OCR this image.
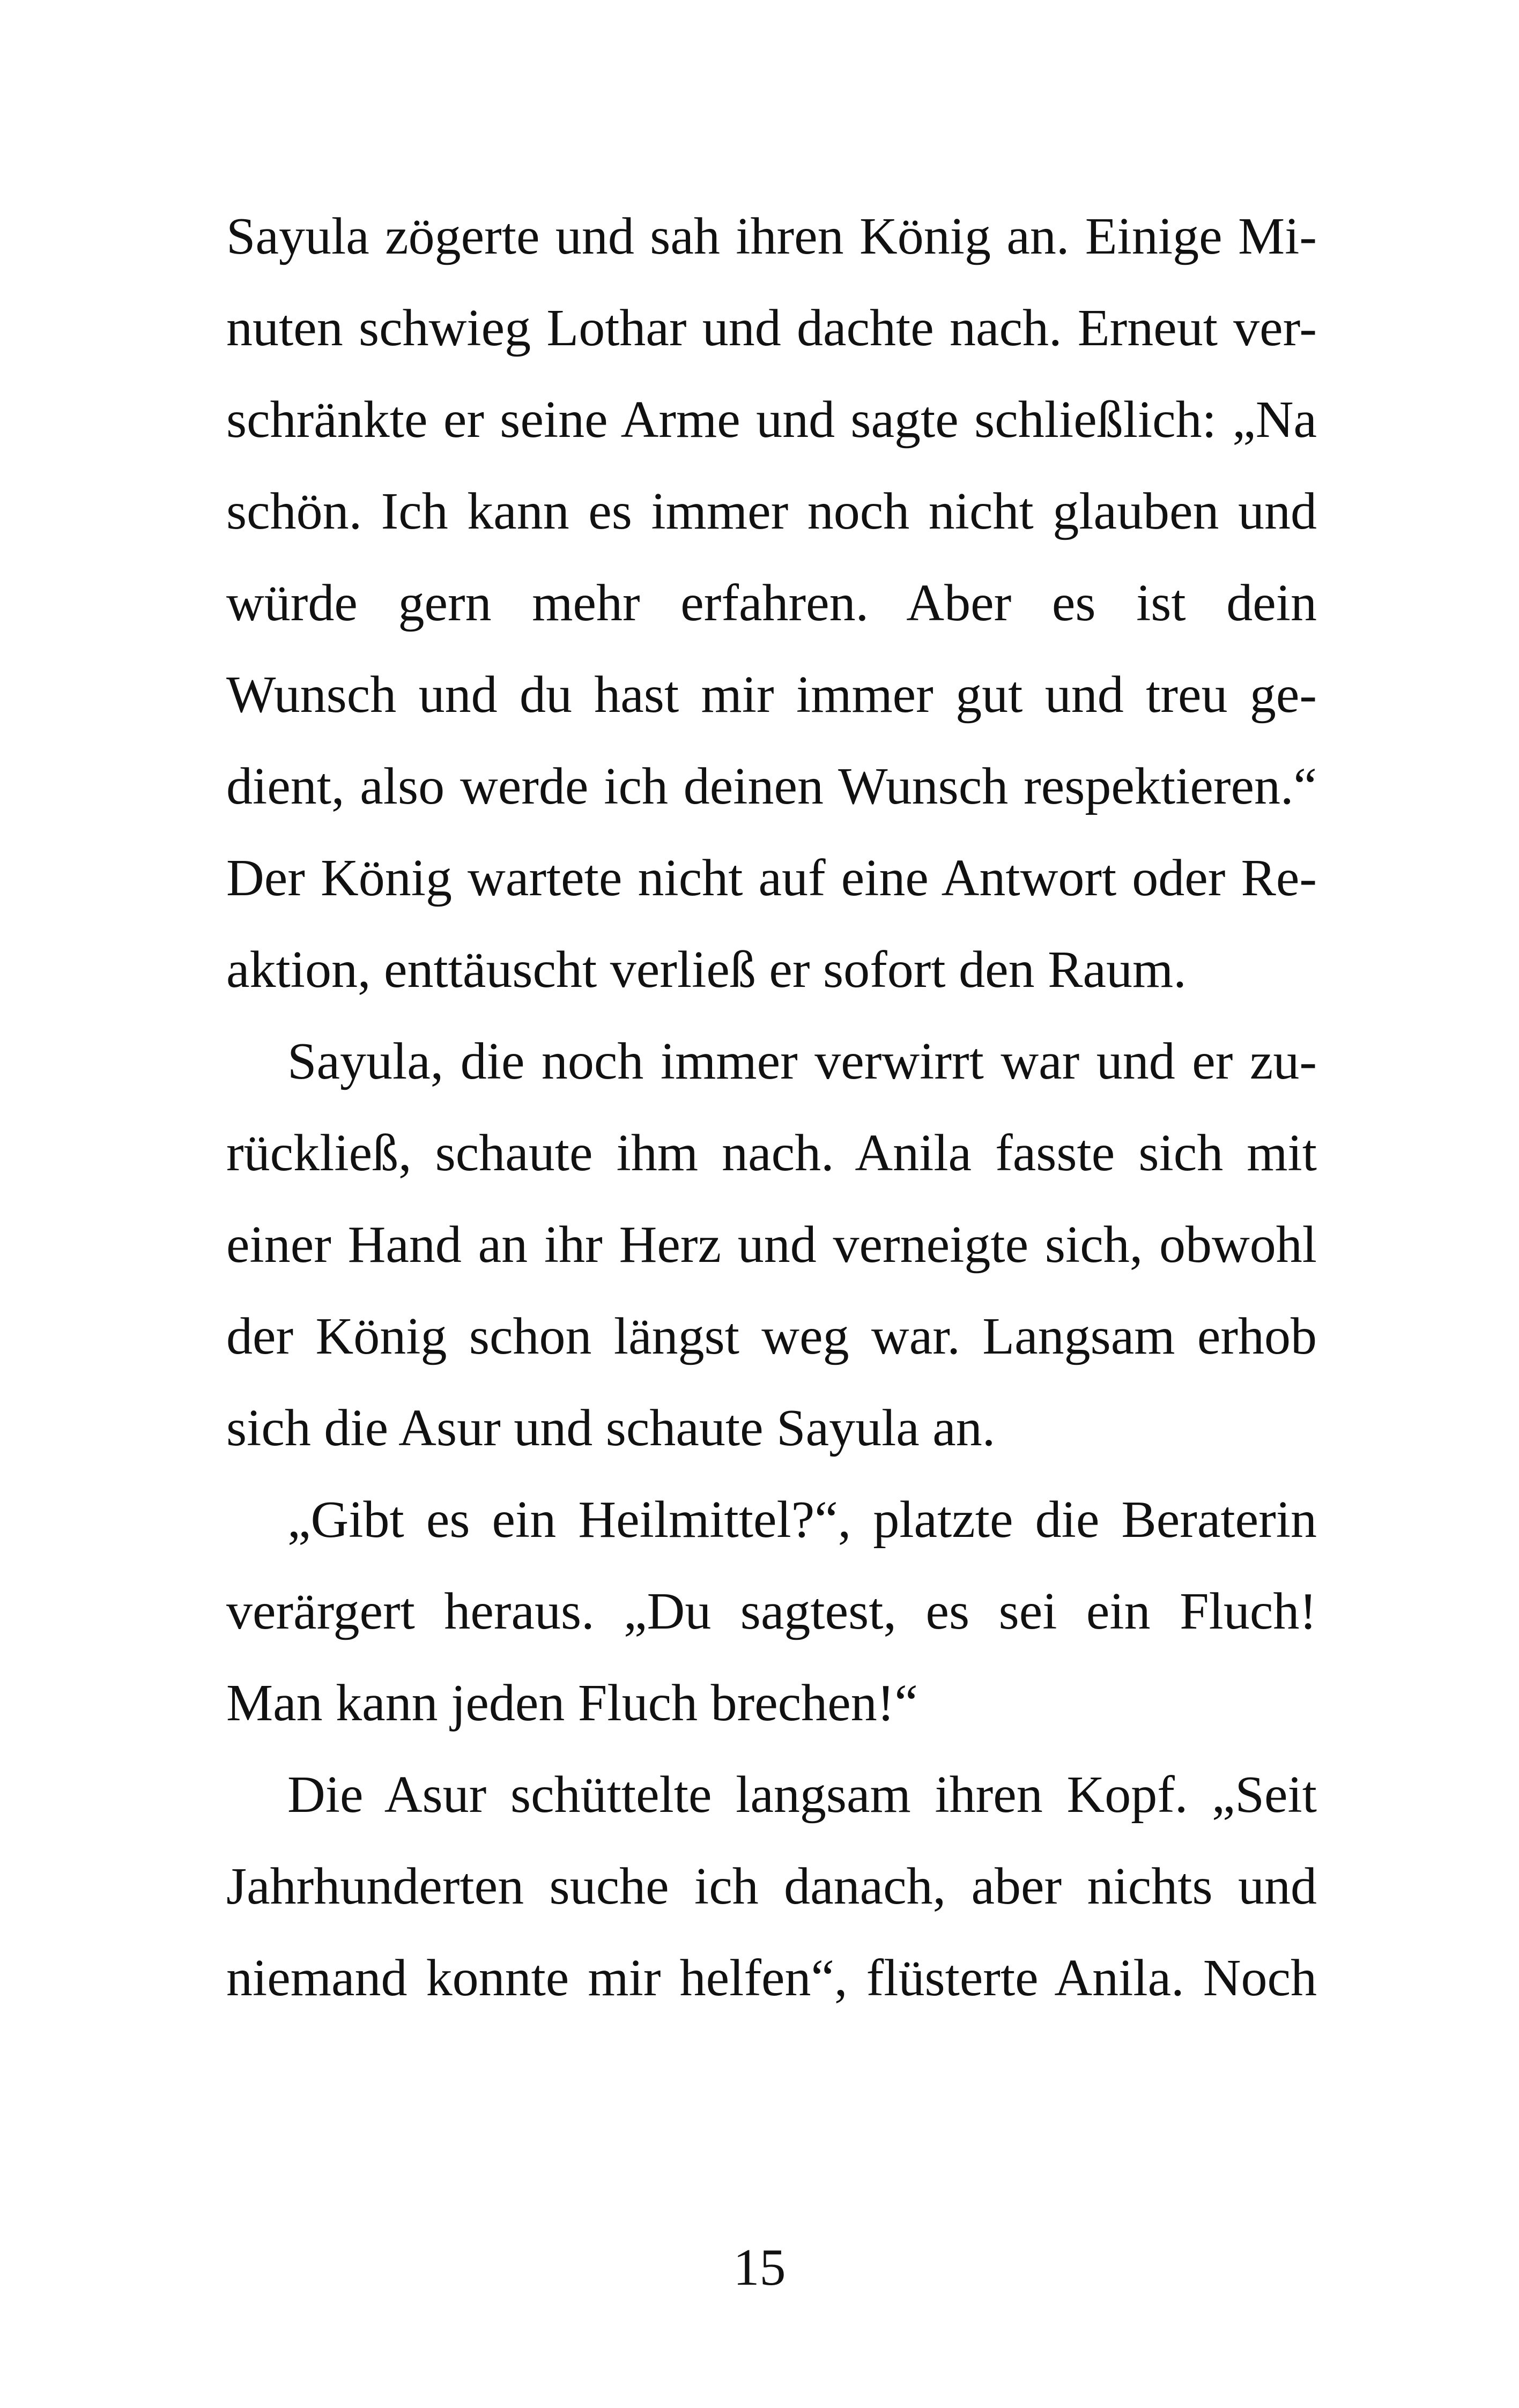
Sayula zögerte und sah ihren König an. Einige Mi-
nuten schwieg Lothar und dachte nach. Erneut ver-
schränkte er seine Arme und sagte schließlich: „Na
schön. Ich kann es immer noch nicht glauben und
würde gern mehr erfahren. Aber es ist dein
Wunsch und du hast mir immer gut und treu ge-
dient, also werde ich deinen Wunsch respektieren.“
Der König wartete nicht auf eine Antwort oder Re-
aktion, enttäuscht verließ er sofort den Raum.
Sayula, die noch immer verwirrt war und er zu-
rückließ, schaute ihm nach. Anila fasste sich mit
einer Hand an ihr Herz und verneigte sich, obwohl
der König schon längst weg war. Langsam erhob
sich die Asur und schaute Sayula an.
„Gibt es ein Heilmittel?“, platzte die Beraterin
verärgert heraus. „Du sagtest, es sei ein Fluch!
Man kann jeden Fluch brechen!“
Die Asur schüttelte langsam ihren Kopf. „Seit
Jahrhunderten suche ich danach, aber nichts und
niemand konnte mir helfen“, flüsterte Anila. Noch
15
